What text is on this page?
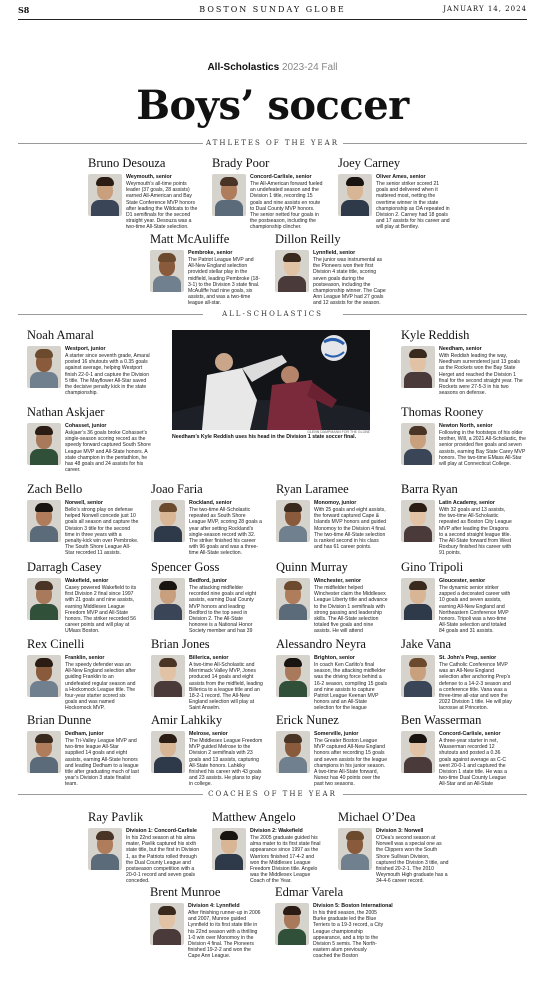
S8	BOSTON SUNDAY GLOBE	JANUARY 14, 2024
All-Scholastics 2023-24 Fall
Boys’ soccer
ATHLETES OF THE YEAR
ALL-SCHOLASTICS
COACHES OF THE YEAR
GLENN DAMPMANN FOR THE GLOBE
Needham’s Kyle Reddish uses his head in the Division 1 state soccer final.
Bruno Desouza
Weymouth, senior
Weymouth’s all-time points leader (37 goals, 28 assists) earned All-American and Bay State Conference MVP honors after leading the Wildcats to the D1 semifinals for the second straight year. Desouza was a two-time All-State selection.
Brady Poor
Concord-Carlisle, senior
The All-American forward fueled an undefeated season and the Division 1 title, recording 15 goals and nine assists en route to Dual County MVP honors. The senior netted four goals in the postseason, including the championship clincher.
Joey Carney
Oliver Ames, senior
The senior striker scored 21 goals and delivered when it mattered most, netting the overtime winner in the state championship as OA repeated in Division 2. Carney had 18 goals and 17 assists for his career and will play at Bentley.
Matt McAuliffe
Pembroke, senior
The Patriot League MVP and All-New England selection provided stellar play in the midfield, leading Pembroke (18-3-1) to the Division 3 state final. McAuliffe had nine goals, six assists, and was a two-time league all-star.
Dillon Reilly
Lynnfield, senior
The junior was instrumental as the Pioneers won their first Division 4 state title, scoring seven goals during the postseason, including the championship winner. The Cape Ann League MVP had 27 goals and 12 assists for the season.
Noah Amaral
Westport, junior
A starter since seventh grade, Amaral posted 16 shutouts with a 0.35 goals against average, helping Westport finish 22-0-1 and capture the Division 5 title. The Mayflower All-Star saved the decisive penalty kick in the state championship.
Kyle Reddish
Needham, senior
With Reddish leading the way, Needham surrendered just 13 goals as the Rockets won the Bay State Herget and reached the Division 1 final for the second straight year. The Rockets were 27-5-3 in his two seasons on defense.
Nathan Askjaer
Cohasset, junior
Askjaer’s 36 goals broke Cohasset’s single-season scoring record as the speedy forward captured South Shore League MVP and All-State honors. A state champion in the pentathlon, he has 48 goals and 24 assists for his career.
Thomas Rooney
Newton North, senior
Following in the footsteps of his older brother, Will, a 2021 All-Scholastic, the senior provided five goals and seven assists, earning Bay State Carey MVP honors. The two-time EMass All-Star will play at Connecticut College.
Zach Bello
Norwell, senior
Bello’s strong play on defense helped Norwell concede just 10 goals all season and capture the Division 3 title for the second time in three years with a penalty-kick win over Pembroke. The South Shore League All-Star recorded 11 assists.
Joao Faria
Rockland, senior
The two-time All-Scholastic repeated as South Shore League MVP, scoring 28 goals a year after setting Rockland’s single-season record with 32. The striker finished his career with 96 goals and was a three-time All-State selection.
Ryan Laramee
Monomoy, junior
With 25 goals and eight assists, the forward captured Cape & Islands MVP honors and guided Monomoy to the Division 4 final. The two-time All-State selection is ranked second in his class and has 61 career points.
Barra Ryan
Latin Academy, senior
With 32 goals and 13 assists, the two-time All-Scholastic repeated as Boston City League MVP after leading the Dragons to a second straight league title. The All-State forward from West Roxbury finished his career with 91 points.
Darragh Casey
Wakefield, senior
Casey powered Wakefield to its first Division 2 final since 1997 with 21 goals and nine assists, earning Middlesex League Freedom MVP and All-State honors. The striker recorded 56 career points and will play at UMass Boston.
Spencer Goss
Bedford, junior
The attacking midfielder recorded nine goals and eight assists, earning Dual County MVP honors and leading Bedford to the top seed in Division 2. The All-State honoree is a National Honor Society member and has 39
Quinn Murray
Winchester, senior
The midfielder helped Winchester claim the Middlesex League Liberty title and advance to the Division 1 semifinals with strong passing and leadership skills. The All-State selection totaled five goals and nine assists. He will attend
Gino Tripoli
Gloucester, senior
The dynamic senior striker zapped a decorated career with 10 goals and seven assists, earning All-New England and Northeastern Conference MVP honors. Tripoli was a two-time All-State selection and totaled 84 goals and 31 assists.
Rex Cinelli
Franklin, senior
The speedy defender was an All-New England selection after guiding Franklin to an undefeated regular season and a Hockomock League title. The four-year starter scored six goals and was named Hockomock MVP.
Brian Jones
Billerica, senior
A two-time All-Scholastic and Merrimack Valley MVP, Jones produced 14 goals and eight assists from the midfield, leading Billerica to a league title and an 18-2-1 record. The All-New England selection will play at Saint Anselm.
Alessandro Neyra
Brighton, senior
In coach Ken Carlito’s final season, the attacking midfielder was the driving force behind a 16-2 season, compiling 15 goals and nine assists to capture Patriot League Keenan MVP honors and an All-State selection for the league
Jake Vana
St. John’s Prep, senior
The Catholic Conference MVP was an All-New England selection after anchoring Prep’s defense to a 14-2-3 season and a conference title. Vana was a three-time all-star and won the 2022 Division 1 title. He will play lacrosse at Princeton.
Brian Dunne
Dedham, junior
The Tri-Valley League MVP and two-time league All-Star supplied 14 goals and eight assists, earning All-State honors and leading Dedham to a league title after graduating much of last year’s Division 3 state finalist team.
Amir Lahkiky
Melrose, senior
The Middlesex League Freedom MVP guided Melrose to the Division 2 semifinals with 23 goals and 13 assists, capturing All-State honors. Lahkiky finished his career with 43 goals and 23 assists. He plans to play in college.
Erick Nunez
Somerville, junior
The Greater Boston League MVP captured All-New England honors after recording 15 goals and seven assists for the league champions in his junior season. A two-time All-State forward, Nunez has 40 points over the past two seasons.
Ben Wasserman
Concord-Carlisle, senior
A three-year starter in net, Wasserman recorded 12 shutouts and posted a 0.36 goals against average as C-C went 20-0-1 and captured the Division 1 state title. He was a two-time Dual County League All-Star and an All-State
Ray Pavlik
Division 1: Concord-Carlisle
In his 22nd season at his alma mater, Pavlik captured his sixth state title, but the first in Division 1, as the Patriots rolled through the Dual County League and postseason competition with a 20-0-1 record and seven goals conceded.
Matthew Angelo
Division 2: Wakefield
The 2005 graduate guided his alma mater to its first state final appearance since 1997 as the Warriors finished 17-4-2 and won the Middlesex League Freedom Division title. Angelo was the Middlesex League Coach of the Year.
Michael O’Dea
Division 3: Norwell
O’Dea’s second season at Norwell was a special one as the Clippers won the South Shore Sullivan Division, captured the Division 3 title, and finished 20-2-1. The 2010 Weymouth High graduate has a 34-4-6 career record.
Brent Munroe
Division 4: Lynnfield
After finishing runner-up in 2006 and 2007, Munroe guided Lynnfield to its first state title in his 22nd season with a thrilling 1-0 win over Monomoy in the Division 4 final. The Pioneers finished 19-2-2 and won the Cape Ann League.
Edmar Varela
Division 5: Boston International
In his third season, the 2005 Burke graduate led the Blue Terriers to a 19-3 record, a City League championship appearance, and a trip to the Division 5 semis. The North-eastern alum previously coached the Boston
